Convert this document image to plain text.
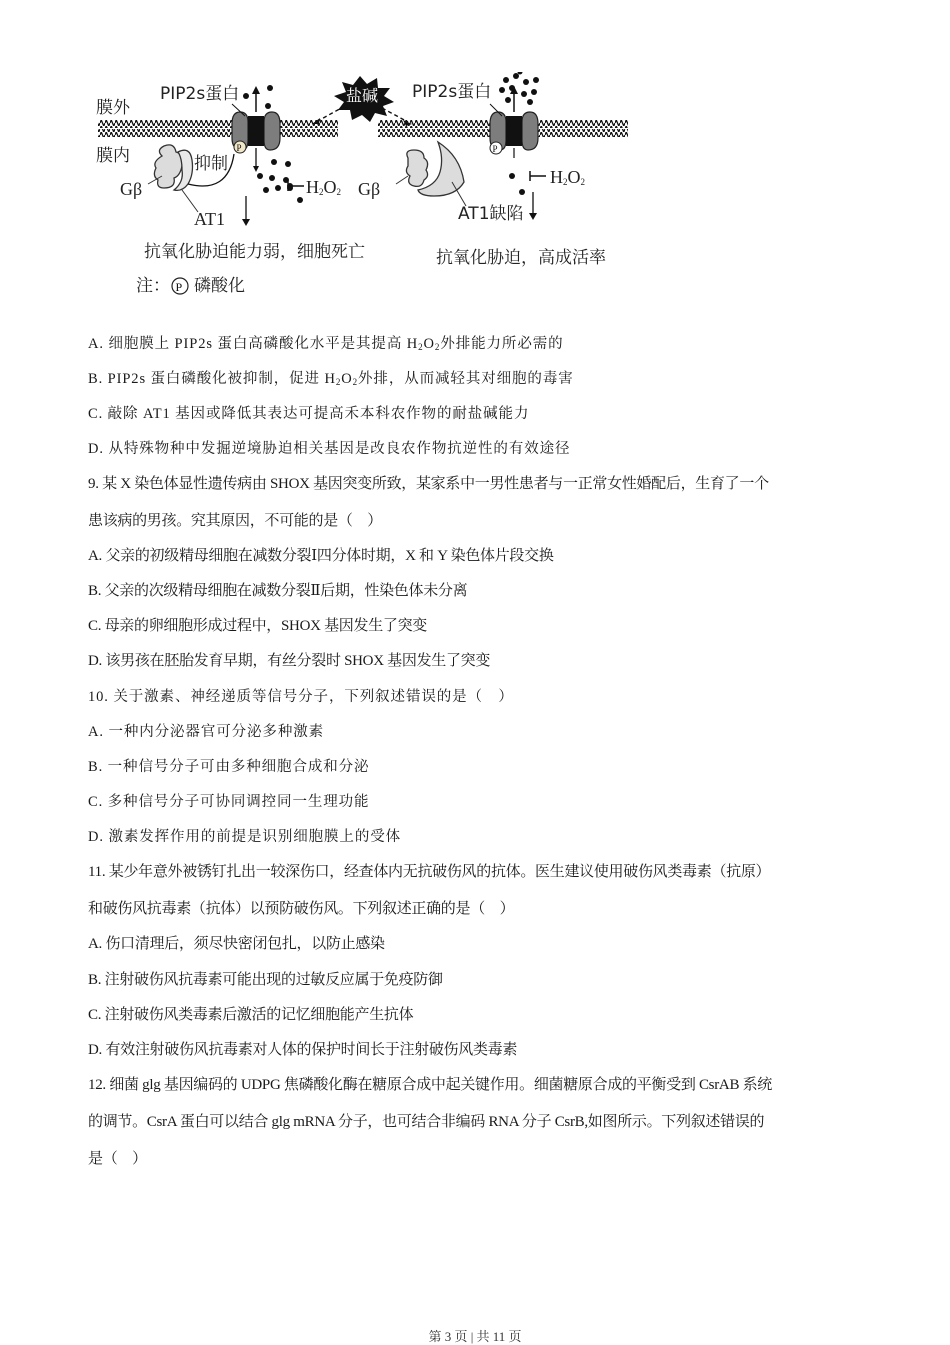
P	P
P
膜外
膜内
PIP2s蛋白	盐碱 PIP2s蛋白
抑制
Gβ
AT1
$H_2O_2$ Gβ
$H_2O_2$
AT1缺陷
抗氧化胁迫能力弱，细胞死亡	抗氧化胁迫，高成活率
注： 磷酸化
A. 细胞膜上 PIP2s 蛋白高磷酸化水平是其提高 $H_2O_2$外排能力所必需的
B. PIP2s 蛋白磷酸化被抑制，促进 $H_2O_2$外排，从而减轻其对细胞的毒害
C. 敲除 AT1 基因或降低其表达可提高禾本科农作物的耐盐碱能力
D. 从特殊物种中发掘逆境胁迫相关基因是改良农作物抗逆性的有效途径
9. 某 X 染色体显性遗传病由 SHOX 基因突变所致，某家系中一男性患者与一正常女性婚配后，生育了一个
患该病的男孩。究其原因，不可能的是（　）
A. 父亲的初级精母细胞在减数分裂Ⅰ四分体时期，X 和 Y 染色体片段交换
B. 父亲的次级精母细胞在减数分裂Ⅱ后期，性染色体未分离
C. 母亲的卵细胞形成过程中，SHOX 基因发生了突变
D. 该男孩在胚胎发育早期，有丝分裂时 SHOX 基因发生了突变
10. 关于激素、神经递质等信号分子，下列叙述错误的是（　）
A. 一种内分泌器官可分泌多种激素
B. 一种信号分子可由多种细胞合成和分泌
C. 多种信号分子可协同调控同一生理功能
D. 激素发挥作用的前提是识别细胞膜上的受体
11. 某少年意外被锈钉扎出一较深伤口，经查体内无抗破伤风的抗体。医生建议使用破伤风类毒素（抗原）
和破伤风抗毒素（抗体）以预防破伤风。下列叙述正确的是（　）
A. 伤口清理后，须尽快密闭包扎，以防止感染
B. 注射破伤风抗毒素可能出现的过敏反应属于免疫防御
C. 注射破伤风类毒素后激活的记忆细胞能产生抗体
D. 有效注射破伤风抗毒素对人体的保护时间长于注射破伤风类毒素
12. 细菌 glg 基因编码的 UDPG 焦磷酸化酶在糖原合成中起关键作用。细菌糖原合成的平衡受到 CsrAB 系统
的调节。CsrA 蛋白可以结合 glg mRNA 分子，也可结合非编码 RNA 分子 CsrB,如图所示。下列叙述错误的
是（　）
第 3 页 | 共 11 页
